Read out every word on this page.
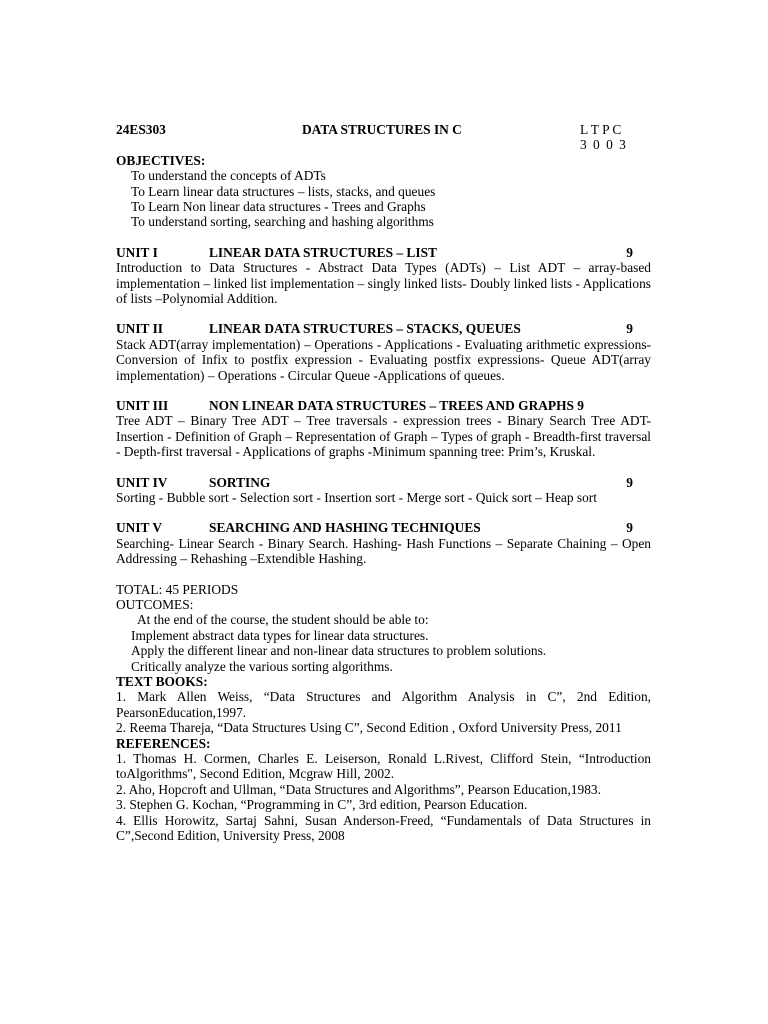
24ES303	DATA STRUCTURES IN C	L T P C
3 0 0 3
OBJECTIVES:
To understand the concepts of ADTs
To Learn linear data structures – lists, stacks, and queues
To Learn Non linear data structures - Trees and Graphs
To understand sorting, searching and hashing algorithms
UNIT I	LINEAR DATA STRUCTURES – LIST	9

Introduction to Data Structures - Abstract Data Types (ADTs) – List ADT – array-based implementation – linked list implementation – singly linked lists- Doubly linked lists - Applications of lists –Polynomial Addition.

UNIT II	LINEAR DATA STRUCTURES – STACKS, QUEUES	9

Stack ADT(array implementation) – Operations - Applications - Evaluating arithmetic expressions- Conversion of Infix to postfix expression - Evaluating postfix expressions- Queue ADT(array implementation) – Operations - Circular Queue -Applications of queues.

UNIT III	NON LINEAR DATA STRUCTURES – TREES AND GRAPHS 9

Tree ADT – Binary Tree ADT – Tree traversals - expression trees - Binary Search Tree ADT- Insertion - Definition of Graph – Representation of Graph – Types of graph - Breadth-first traversal - Depth-first traversal - Applications of graphs -Minimum spanning tree: Prim’s, Kruskal.

UNIT IV	SORTING	9

Sorting - Bubble sort - Selection sort - Insertion sort - Merge sort - Quick sort – Heap sort

UNIT V	SEARCHING AND HASHING TECHNIQUES	9

Searching- Linear Search - Binary Search. Hashing- Hash Functions – Separate Chaining – Open Addressing – Rehashing –Extendible Hashing.

TOTAL: 45 PERIODS
OUTCOMES:
At the end of the course, the student should be able to:
Implement abstract data types for linear data structures.
Apply the different linear and non-linear data structures to problem solutions.
Critically analyze the various sorting algorithms.
TEXT BOOKS:

1. Mark Allen Weiss, “Data Structures and Algorithm Analysis in C”, 2nd Edition, PearsonEducation,1997.

2. Reema Thareja, “Data Structures Using C”, Second Edition , Oxford University Press, 2011

REFERENCES:

1. Thomas H. Cormen, Charles E. Leiserson, Ronald L.Rivest, Clifford Stein, “Introduction toAlgorithms", Second Edition, Mcgraw Hill, 2002.

2. Aho, Hopcroft and Ullman, “Data Structures and Algorithms”, Pearson Education,1983.

3. Stephen G. Kochan, “Programming in C”, 3rd edition, Pearson Education.

4. Ellis Horowitz, Sartaj Sahni, Susan Anderson-Freed, “Fundamentals of Data Structures in C”,Second Edition, University Press, 2008
